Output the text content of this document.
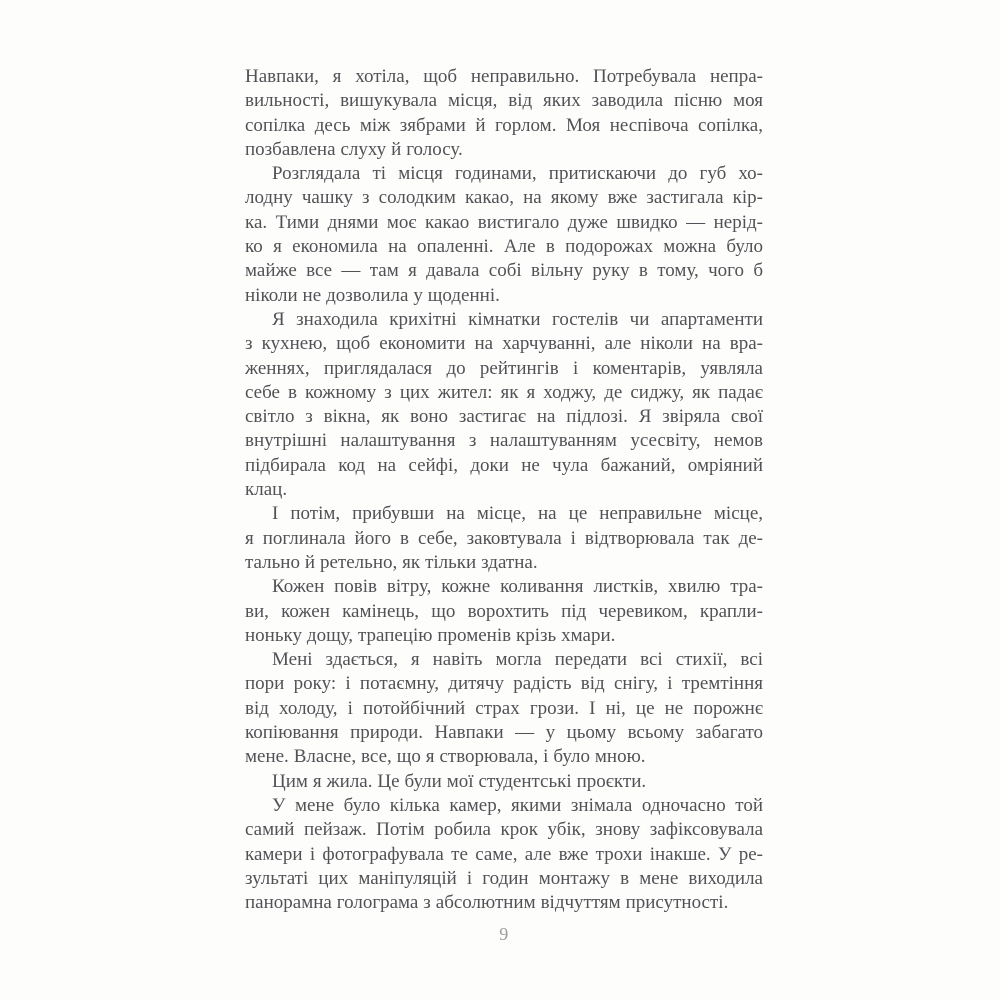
Навпаки, я хотіла, щоб неправильно. Потребувала непра-
вильності, вишукувала місця, від яких заводила пісню моя
сопілка десь між зябрами й горлом. Моя неспівоча сопілка,
позбавлена слуху й голосу.
Розглядала ті місця годинами, притискаючи до губ хо-
лодну чашку з солодким какао, на якому вже застигала кір-
ка. Тими днями моє какао вистигало дуже швидко — нерід-
ко я економила на опаленні. Але в подорожах можна було
майже все — там я давала собі вільну руку в тому, чого б
ніколи не дозволила у щоденні.
Я знаходила крихітні кімнатки гостелів чи апартаменти
з кухнею, щоб економити на харчуванні, але ніколи на вра-
женнях, приглядалася до рейтингів і коментарів, уявляла
себе в кожному з цих жител: як я ходжу, де сиджу, як падає
світло з вікна, як воно застигає на підлозі. Я звіряла свої
внутрішні налаштування з налаштуванням усесвіту, немов
підбирала код на сейфі, доки не чула бажаний, омріяний
клац.
І потім, прибувши на місце, на це неправильне місце,
я поглинала його в себе, заковтувала і відтворювала так де-
тально й ретельно, як тільки здатна.
Кожен повів вітру, кожне коливання листків, хвилю тра-
ви, кожен камінець, що ворохтить під черевиком, крапли-
ноньку дощу, трапецію променів крізь хмари.
Мені здається, я навіть могла передати всі стихії, всі
пори року: і потаємну, дитячу радість від снігу, і тремтіння
від холоду, і потойбічний страх грози. І ні, це не порожнє
копіювання природи. Навпаки — у цьому всьому забагато
мене. Власне, все, що я створювала, і було мною.
Цим я жила. Це були мої студентські проєкти.
У мене було кілька камер, якими знімала одночасно той
самий пейзаж. Потім робила крок убік, знову зафіксовувала
камери і фотографувала те саме, але вже трохи інакше. У ре-
зультаті цих маніпуляцій і годин монтажу в мене виходила
панорамна голограма з абсолютним відчуттям присутності.
9
